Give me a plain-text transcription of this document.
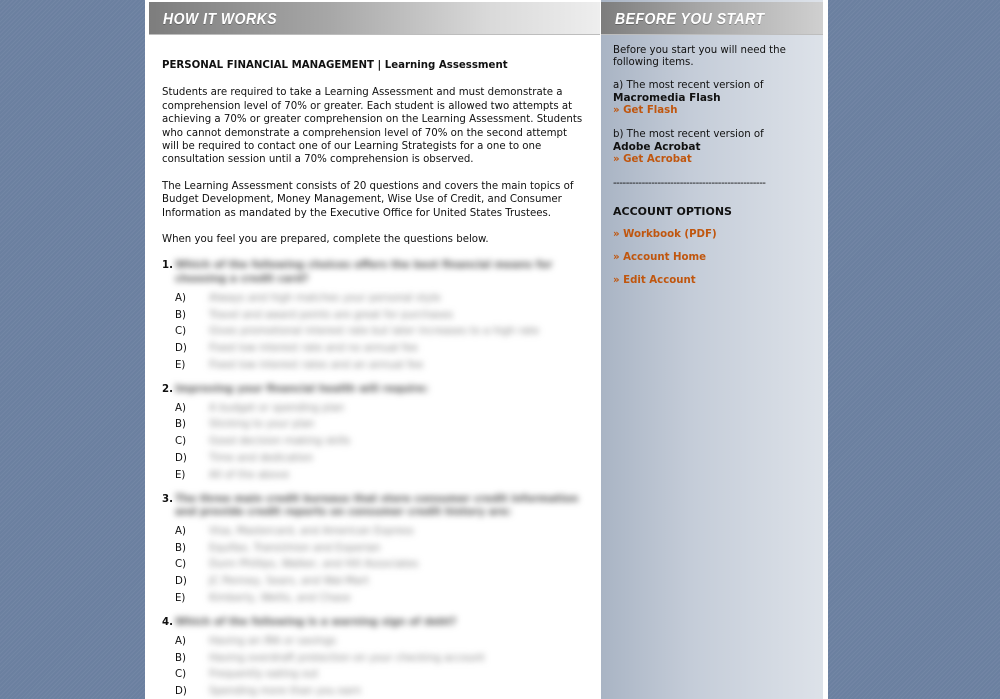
HOW IT WORKS
PERSONAL FINANCIAL MANAGEMENT | Learning Assessment

Students are required to take a Learning Assessment and must demonstrate a comprehension level of 70% or greater. Each student is allowed two attempts at achieving a 70% or greater comprehension on the Learning Assessment. Students who cannot demonstrate a comprehension level of 70% on the second attempt will be required to contact one of our Learning Strategists for a one to one consultation session until a 70% comprehension is observed.

The Learning Assessment consists of 20 questions and covers the main topics of Budget Development, Money Management, Wise Use of Credit, and Consumer Information as mandated by the Executive Office for United States Trustees.

When you feel you are prepared, complete the questions below.

1. Which of the following choices offers the best financial means for choosing a credit card?
A)	Always and high matches your personal style
B)	Travel and award points are great for purchases
C)	Gives promotional interest rate but later increases to a high rate
D)	Fixed low interest rate and no annual fee
E)	Fixed low interest rates and an annual fee
2. Improving your financial health will require:
A)	A budget or spending plan
B)	Sticking to your plan
C)	Good decision making skills
D)	Time and dedication
E)	All of the above
3. The three main credit bureaus that store consumer credit information and provide credit reports on consumer credit history are:
A)	Visa, Mastercard, and American Express
B)	Equifax, TransUnion and Experian
C)	Dunn Phillips, Walker, and Hill Associates
D)	JC Penney, Sears, and Wal-Mart
E)	Kimberly, Wellis, and Chase
4. Which of the following is a warning sign of debt?
A)	Having an IRA or savings
B)	Having overdraft protection on your checking account
C)	Frequently eating out
D)	Spending more than you earn
BEFORE YOU START

Before you start you will need the following items.

a) The most recent version of
Macromedia Flash
» Get Flash

b) The most recent version of
Adobe Acrobat
» Get Acrobat

------------------------------------------------
ACCOUNT OPTIONS
» Workbook (PDF)
» Account Home
» Edit Account
